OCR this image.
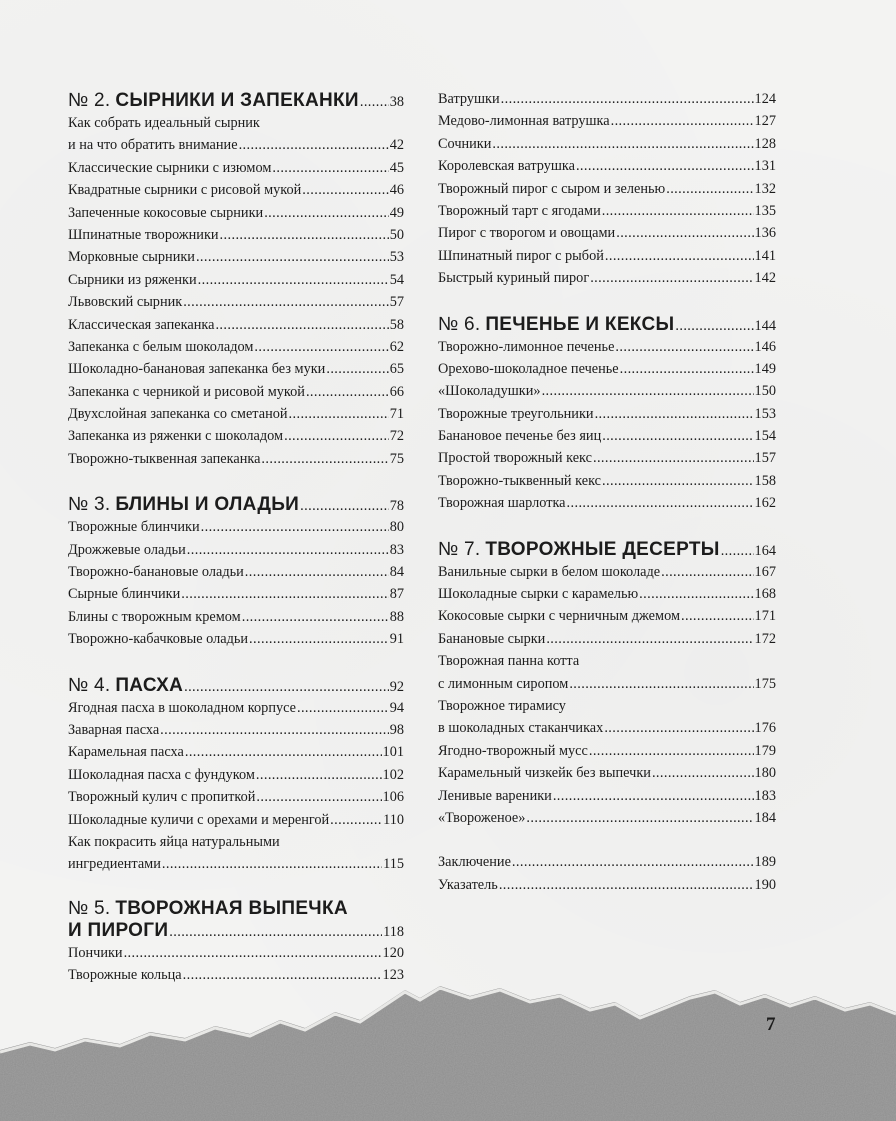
№ 2. СЫРНИКИ И ЗАПЕКАНКИ ..... 38
Как собрать идеальный сырник
и на что обратить внимание .....	42
Классические сырники с изюмом .....	45
Квадратные сырники с рисовой мукой .....	46
Запеченные кокосовые сырники .....	49
Шпинатные творожники .....	50
Морковные сырники .....	53
Сырники из ряженки .....	54
Львовский сырник .....	57
Классическая запеканка .....	58
Запеканка с белым шоколадом .....	62
Шоколадно-банановая запеканка без муки .....	65
Запеканка с черникой и рисовой мукой .....	66
Двухслойная запеканка со сметаной .....	71
Запеканка из ряженки с шоколадом .....	72
Творожно-тыквенная запеканка .....	75
№ 3. БЛИНЫ И ОЛАДЬИ .....	78
Творожные блинчики .....	80
Дрожжевые оладьи .....	83
Творожно-банановые оладьи .....	84
Сырные блинчики .....	87
Блины с творожным кремом .....	88
Творожно-кабачковые оладьи .....	91
№ 4. ПАСХА .....	92
Ягодная пасха в шоколадном корпусе .....	94
Заварная пасха .....	98
Карамельная пасха .....	101
Шоколадная пасха с фундуком .....	102
Творожный кулич с пропиткой .....	106
Шоколадные куличи с орехами и меренгой .....	110
Как покрасить яйца натуральными
ингредиентами .....	115
№ 5. ТВОРОЖНАЯ ВЫПЕЧКА
И ПИРОГИ .....	118
Пончики .....	120
Творожные кольца .....	123
Ватрушки .....	124
Медово-лимонная ватрушка .....	127
Сочники .....	128
Королевская ватрушка .....	131
Творожный пирог с сыром и зеленью .....	132
Творожный тарт с ягодами .....	135
Пирог с творогом и овощами .....	136
Шпинатный пирог с рыбой .....	141
Быстрый куриный пирог .....	142
№ 6. ПЕЧЕНЬЕ И КЕКСЫ .....	144
Творожно-лимонное печенье .....	146
Орехово-шоколадное печенье .....	149
«Шоколадушки» .....	150
Творожные треугольники .....	153
Банановое печенье без яиц .....	154
Простой творожный кекс .....	157
Творожно-тыквенный кекс .....	158
Творожная шарлотка .....	162
№ 7. ТВОРОЖНЫЕ ДЕСЕРТЫ ..... 164
Ванильные сырки в белом шоколаде .....	167
Шоколадные сырки с карамелью .....	168
Кокосовые сырки с черничным джемом .....	171
Банановые сырки .....	172
Творожная панна котта
с лимонным сиропом .....	175
Творожное тирамису
в шоколадных стаканчиках .....	176
Ягодно-творожный мусс .....	179
Карамельный чизкейк без выпечки .....	180
Ленивые вареники .....	183
«Твороженое» .....	184
Заключение .....	189
Указатель .....	190
7
